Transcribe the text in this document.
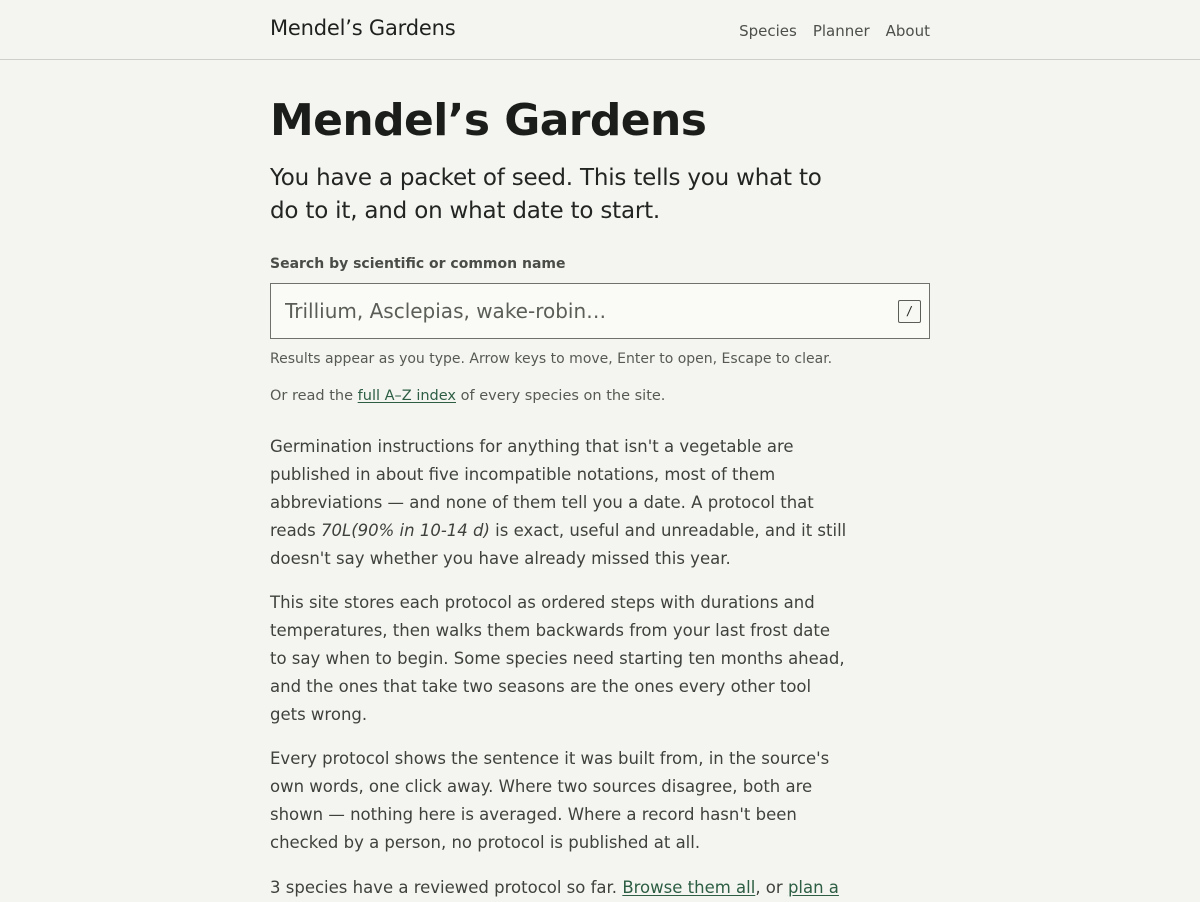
Mendel’s Gardens	Species Planner About
Mendel’s Gardens

You have a packet of seed. This tells you what to do to it, and on what date to start.

Search by scientific or common name
Trillium, Asclepias, wake-robin…
/

Results appear as you type. Arrow keys to move, Enter to open, Escape to clear.

Or read the full A–Z index of every species on the site.

Germination instructions for anything that isn't a vegetable are published in about five incompatible notations, most of them abbreviations — and none of them tell you a date. A protocol that reads 70L(90% in 10-14 d) is exact, useful and unreadable, and it still doesn't say whether you have already missed this year.

This site stores each protocol as ordered steps with durations and temperatures, then walks them backwards from your last frost date to say when to begin. Some species need starting ten months ahead, and the ones that take two seasons are the ones every other tool gets wrong.

Every protocol shows the sentence it was built from, in the source's own words, one click away. Where two sources disagree, both are shown — nothing here is averaged. Where a record hasn't been checked by a person, no protocol is published at all.

3 species have a reviewed protocol so far. Browse them all, or plan a
